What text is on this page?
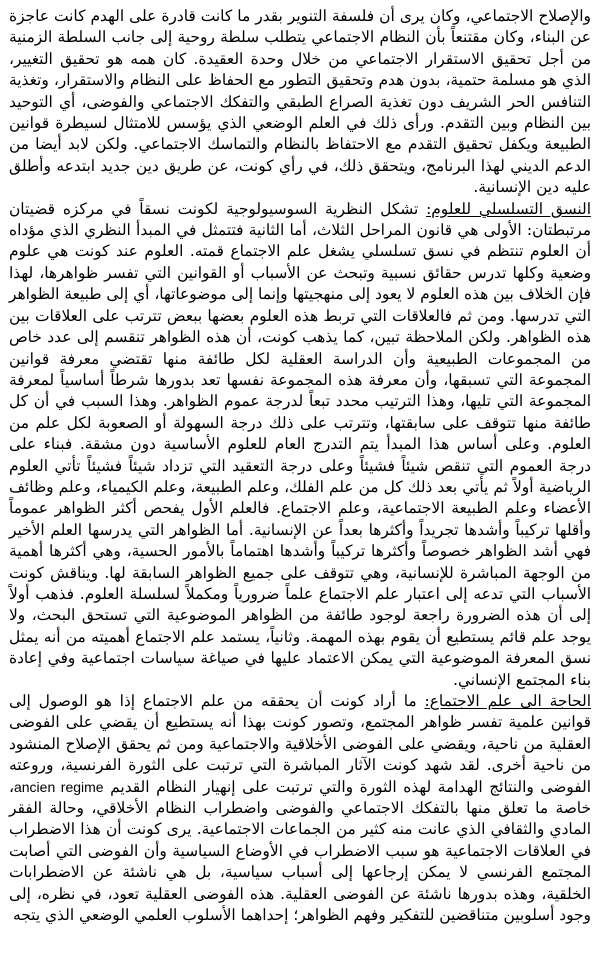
والإصلاح الاجتماعي، وكان يرى أن فلسفة التنوير بقدر ما كانت قادرة على الهدم كانت عاجزة عن البناء، وكان مقتنعاً بأن النظام الاجتماعي يتطلب سلطة روحية إلى جانب السلطة الزمنية من أجل تحقيق الاستقرار الاجتماعي من خلال وحدة العقيدة. كان همه هو تحقيق التغيير، الذي هو مسلمة حتمية، بدون هدم وتحقيق التطور مع الحفاظ على النظام والاستقرار، وتغذية التنافس الحر الشريف دون تغذية الصراع الطبقي والتفكك الاجتماعي والفوضى، أي التوحيد بين النظام وبين التقدم. ورأى ذلك في العلم الوضعي الذي يؤسس للامتثال لسيطرة قوانين الطبيعة ويكفل تحقيق التقدم مع الاحتفاظ بالنظام والتماسك الاجتماعي. ولكن لابد أيضا من الدعم الديني لهذا البرنامج، ويتحقق ذلك، في رأي كونت، عن طريق دين جديد ابتدعه وأطلق عليه دين الإنسانية.

النسق التسلسلي للعلوم: تشكل النظرية السوسيولوجية لكونت نسقاً في مركزه قضيتان مرتبطتان: الأولى هي قانون المراحل الثلاث، أما الثانية فتتمثل في المبدأ النظري الذي مؤداه أن العلوم تنتظم في نسق تسلسلي يشغل علم الاجتماع قمته. العلوم عند كونت هي علوم وضعية وكلها تدرس حقائق نسبية وتبحث عن الأسباب أو القوانين التي تفسر ظواهرها، لهذا فإن الخلاف بين هذه العلوم لا يعود إلى منهجيتها وإنما إلى موضوعاتها، أي إلى طبيعة الظواهر التي تدرسها. ومن ثم فالعلاقات التي تربط هذه العلوم بعضها ببعض تترتب على العلاقات بين هذه الظواهر. ولكن الملاحظة تبين، كما يذهب كونت، أن هذه الظواهر تنقسم إلى عدد خاص من المجموعات الطبيعية وأن الدراسة العقلية لكل طائفة منها تقتضي معرفة قوانين المجموعة التي تسبقها، وأن معرفة هذه المجموعة نفسها تعد بدورها شرطاً أساسياً لمعرفة المجموعة التي تليها، وهذا الترتيب محدد تبعاً لدرجة عموم الظواهر. وهذا السبب في أن كل طائفة منها تتوقف على سابقتها، وتترتب على ذلك درجة السهولة أو الصعوبة لكل علم من العلوم. وعلى أساس هذا المبدأ يتم التدرج العام للعلوم الأساسية دون مشقة. فبناء على درجة العموم التي تنقص شيئاً فشيئاً وعلى درجة التعقيد التي تزداد شيئاً فشيئاً تأتي العلوم الرياضية أولاً ثم يأتي بعد ذلك كل من علم الفلك، وعلم الطبيعة، وعلم الكيمياء، وعلم وظائف الأعضاء وعلم الطبيعة الاجتماعية، وعلم الاجتماع. فالعلم الأول يفحص أكثر الظواهر عموماً وأقلها تركيباً وأشدها تجريداً وأكثرها بعداً عن الإنسانية. أما الظواهر التي يدرسها العلم الأخير فهي أشد الظواهر خصوصاً وأكثرها تركيباً وأشدها اهتماماً بالأمور الحسية، وهي أكثرها أهمية من الوجهة المباشرة للإنسانية، وهي تتوقف على جميع الظواهر السابقة لها. ويناقش كونت الأسباب التي تدعه إلى اعتبار علم الاجتماع علماً ضرورياً ومكملاً لسلسلة العلوم. فذهب أولاً إلى أن هذه الضرورة راجعة لوجود طائفة من الظواهر الموضوعية التي تستحق البحث، ولا يوجد علم قائم يستطيع أن يقوم بهذه المهمة. وثانياً، يستمد علم الاجتماع أهميته من أنه يمثل نسق المعرفة الموضوعية التي يمكن الاعتماد عليها في صياغة سياسات اجتماعية وفي إعادة بناء المجتمع الإنساني.

الحاجة الى علم الاجتماع: ما أراد كونت أن يحققه من علم الاجتماع إذا هو الوصول إلى قوانين علمية تفسر ظواهر المجتمع، وتصور كونت بهذا أنه يستطيع أن يقضي على الفوضى العقلية من ناحية، ويقضي على الفوضى الأخلاقية والاجتماعية ومن ثم يحقق الإصلاح المنشود من ناحية أخرى. لقد شهد كونت الآثار المباشرة التي ترتبت على الثورة الفرنسية، وروعته الفوضى والنتائج الهدامة لهذه الثورة والتي ترتبت على إنهيار النظام القديم ancien regime، خاصة ما تعلق منها بالتفكك الاجتماعي والفوضى واضطراب النظام الأخلاقي، وحالة الفقر المادي والثقافي الذي عانت منه كثير من الجماعات الاجتماعية. يرى كونت أن هذا الاضطراب في العلاقات الاجتماعية هو سبب الاضطراب في الأوضاع السياسية وأن الفوضى التي أصابت المجتمع الفرنسي لا يمكن إرجاعها إلى أسباب سياسية، بل هي ناشئة عن الاضطرابات الخلقية، وهذه بدورها ناشئة عن الفوضى العقلية. هذه الفوضى العقلية تعود، في نظره، إلى وجود أسلوبين متناقضين للتفكير وفهم الظواهر؛ إحداهما الأسلوب العلمي الوضعي الذي يتجه
